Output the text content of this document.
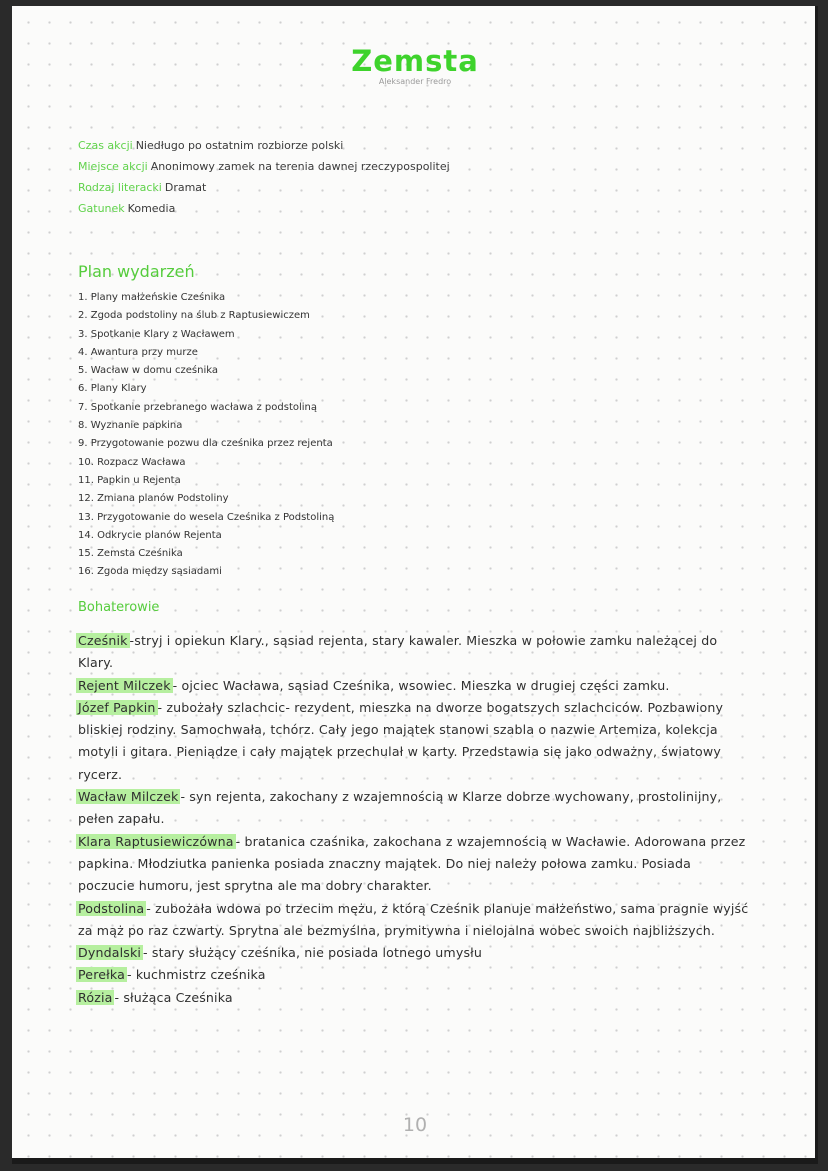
Zemsta
Aleksander Fredro
Czas akcji Niedługo po ostatnim rozbiorze polski
Miejsce akcji Anonimowy zamek na terenia dawnej rzeczypospolitej
Rodzaj literacki Dramat
Gatunek Komedia
Plan wydarzeń
1. Plany małżeńskie Cześnika
2. Zgoda podstoliny na ślub z Raptusiewiczem
3. Spotkanie Klary z Wacławem
4. Awantura przy murze
5. Wacław w domu cześnika
6. Plany Klary
7. Spotkanie przebranego wacława z podstoliną
8. Wyznanie papkina
9. Przygotowanie pozwu dla cześnika przez rejenta
10. Rozpacz Wacława
11. Papkin u Rejenta
12. Zmiana planów Podstoliny
13. Przygotowanie do wesela Cześnika z Podstoliną
14. Odkrycie planów Rejenta
15. Zemsta Cześnika
16. Zgoda między sąsiadami
Bohaterowie

Cześnik -stryj i opiekun Klary., sąsiad rejenta, stary kawaler. Mieszka w połowie zamku należącej do Klary.

Rejent Milczek - ojciec Wacława, sąsiad Cześnika, wsowiec. Mieszka w drugiej części zamku.

Józef Papkin - zubożały szlachcic- rezydent, mieszka na dworze bogatszych szlachciców. Pozbawiony bliskiej rodziny. Samochwała, tchórz. Cały jego majątek stanowi szabla o nazwie Artemiza, kolekcja motyli i gitara. Pieniądze i cały majątek przechulał w karty. Przedstawia się jako odważny, światowy rycerz.

Wacław Milczek - syn rejenta, zakochany z wzajemnością w Klarze dobrze wychowany, prostolinijny, pełen zapału.

Klara Raptusiewiczówna - bratanica czaśnika, zakochana z wzajemnością w Wacławie. Adorowana przez papkina. Młodziutka panienka posiada znaczny majątek. Do niej należy połowa zamku. Posiada poczucie humoru, jest sprytna ale ma dobry charakter.

Podstolina - zubożała wdowa po trzecim mężu, z którą Cześnik planuje małżeństwo, sama pragnie wyjść za mąż po raz czwarty. Sprytna ale bezmyślna, prymitywna i nielojalna wobec swoich najbliższych.

Dyndalski - stary służący cześnika, nie posiada lotnego umysłu

Perełka - kuchmistrz cześnika

Rózia - służąca Cześnika

10
